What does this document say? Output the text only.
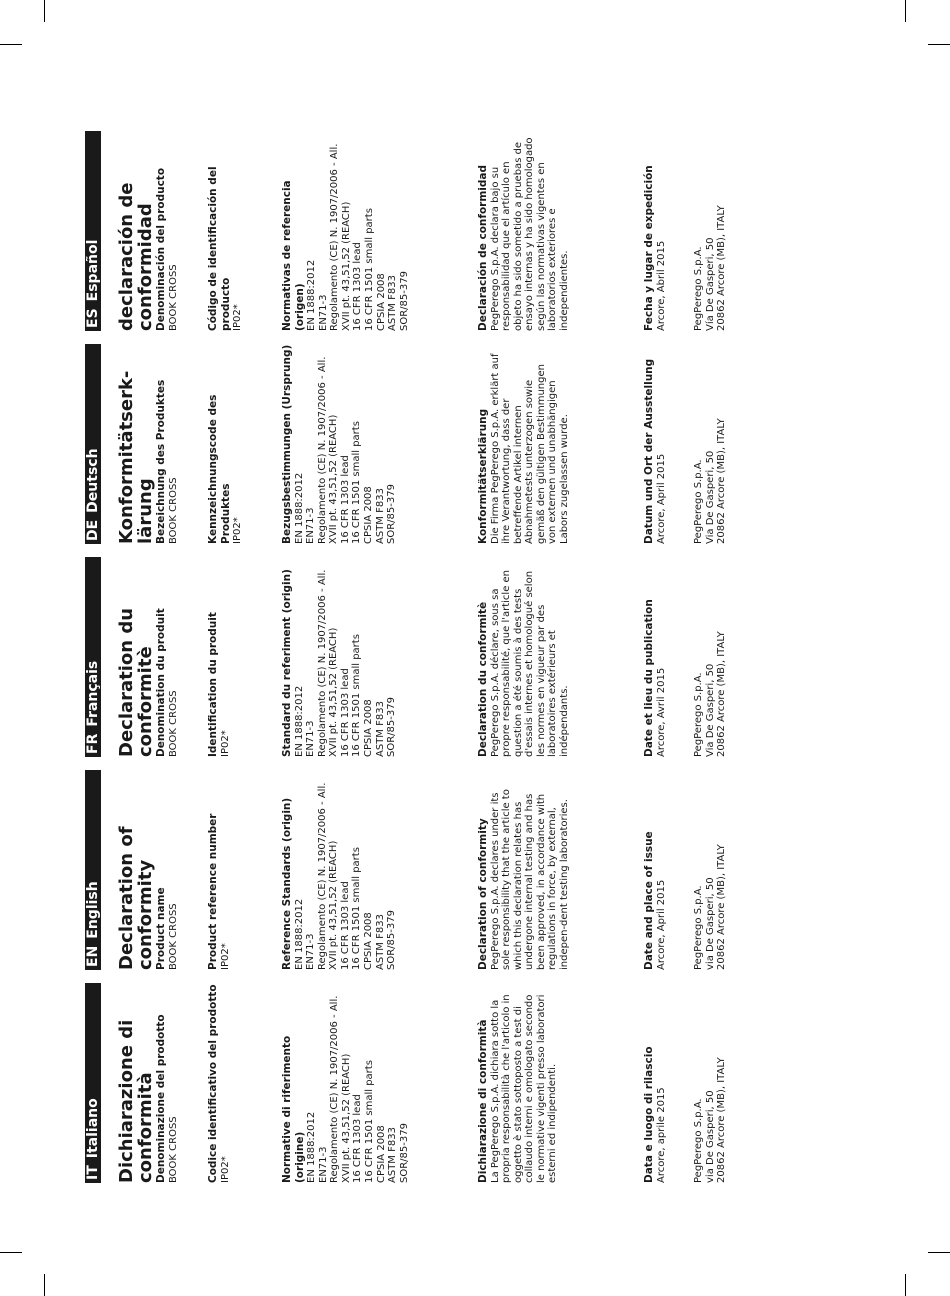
ITItaliano Dichiarazione di conformità Denominazione del prodotto BOOK CROSS	Codice identificativo del prodotto IP02*	Normative di riferimento (origine) EN 1888:2012
EN71-3
Regolamento (CE) N. 1907/2006 - All. XVII pt. 43,51,52 (REACH)
16 CFR 1303 lead
16 CFR 1501 small parts
CPSIA 2008
ASTM F833
SOR/85-379	Dichiarazione di conformità La PegPerego S.p.A. dichiara sotto la propria responsabilità che l'articolo in oggetto è stato sottoposto a test di collaudo interni e omologato secondo le normative vigenti presso laboratori esterni ed indipendenti.	Data e luogo di rilascio Arcore, aprile 2015	PegPerego S.p.A.
via De Gasperi, 50
20862 Arcore (MB), ITALY
ENEnglish Declaration of conformity Product name BOOK CROSS	Product reference number IP02*	Reference Standards (origin) EN 1888:2012
EN71-3
Regolamento (CE) N. 1907/2006 - All. XVII pt. 43,51,52 (REACH)
16 CFR 1303 lead
16 CFR 1501 small parts
CPSIA 2008
ASTM F833
SOR/85-379	Declaration of conformity PegPerego S.p.A. declares under its sole responsibility that the article to which this declaration relates has undergone internal testing and has been approved, in accordance with regulations in force, by external, indepen-dent testing laboratories.	Date and place of issue Arcore, April 2015	PegPerego S.p.A.
via De Gasperi, 50
20862 Arcore (MB), ITALY
FRFrançais Declaration du conformitè Denomination du produit BOOK CROSS	Identification du produit IP02*	Standard du referiment (origin) EN 1888:2012
EN71-3
Regolamento (CE) N. 1907/2006 - All. XVII pt. 43,51,52 (REACH)
16 CFR 1303 lead
16 CFR 1501 small parts
CPSIA 2008
ASTM F833
SOR/85-379	Declaration du conformitè PegPerego S.p.A. déclare, sous sa propre responsabilité, que l'article en question a été soumis à des tests d'essais internes et homologué selon les normes en vigueur par des laboratoires extérieurs et indépendants.	Date et lieu du publication Arcore, Avril 2015	PegPerego S.p.A.
Via De Gasperi, 50
20862 Arcore (MB), ITALY
DEDeutsch Konformitätserk-lärung Bezeichnung des Produktes BOOK CROSS	Kennzeichnungscode des Produktes IP02*	Bezugsbestimmungen (Ursprung) EN 1888:2012
EN71-3
Regolamento (CE) N. 1907/2006 - All. XVII pt. 43,51,52 (REACH)
16 CFR 1303 lead
16 CFR 1501 small parts
CPSIA 2008
ASTM F833
SOR/85-379	Konformitätserklärung Die Firma PegPerego S.p.A. erklärt auf ihre Verantwortung, dass der betreffende Artikel internen Abnahmetests unterzogen sowie gemäß den gültigen Bestimmungen von externen und unabhängigen Labors zugelassen wurde.	Datum und Ort der Ausstellung Arcore, April 2015	PegPerego S.p.A.
Via De Gasperi, 50
20862 Arcore (MB), ITALY
ESEspañol declaración de conformidad Denominación del producto BOOK CROSS	Código de identificación del producto IP02*	Normativas de referencia (origen) EN 1888:2012
EN71-3
Regolamento (CE) N. 1907/2006 - All. XVII pt. 43,51,52 (REACH)
16 CFR 1303 lead
16 CFR 1501 small parts
CPSIA 2008
ASTM F833
SOR/85-379	Declaración de conformidad PegPerego S.p.A. declara bajo su responsabilidad que el artículo en objeto ha sido sometido a pruebas de ensayo internas y ha sido homologado según las normativas vigentes en laboratorios exteriores e independientes.	Fecha y lugar de expedición Arcore, Abril 2015	PegPerego S.p.A.
Vía De Gasperi, 50
20862 Arcore (MB), ITALY
